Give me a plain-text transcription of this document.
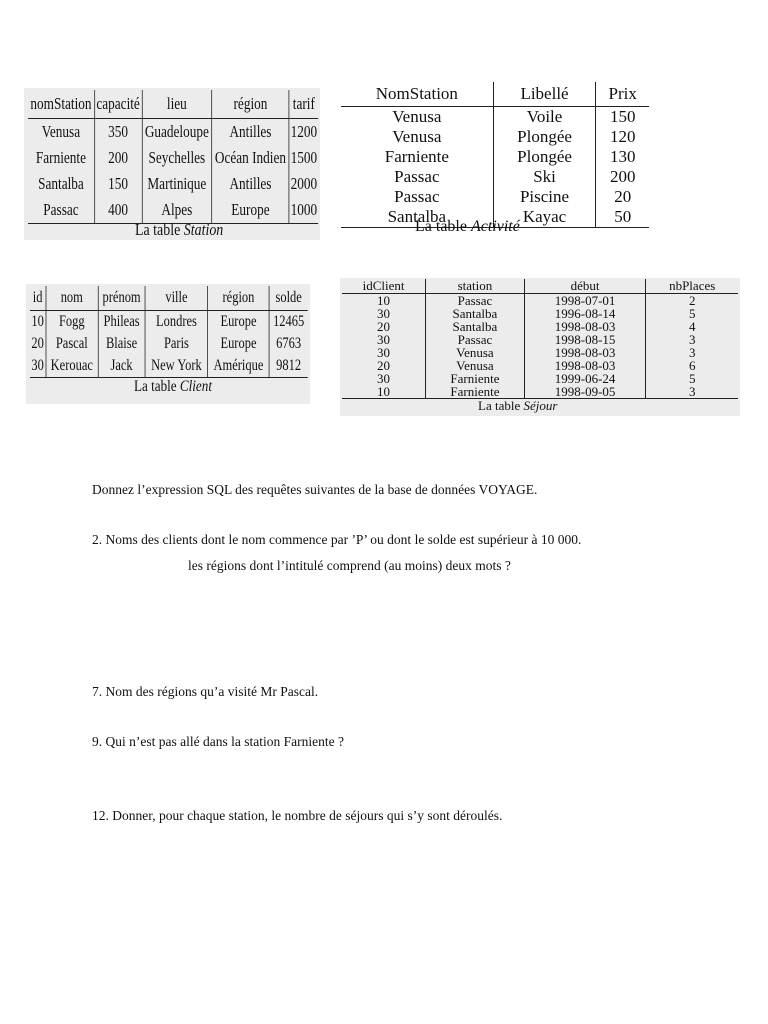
nomStation	capacité	lieu	région	tarif
Venusa	350	Guadeloupe	Antilles	1200
Farniente	200	Seychelles	Océan Indien	1500
Santalba	150	Martinique	Antilles	2000
Passac	400	Alpes	Europe	1000
La table Station
NomStation	Libellé	Prix
Venusa	Voile	150
Venusa	Plongée	120
Farniente	Plongée	130
Passac	Ski	200
Passac	Piscine	20
Santalba	Kayac	50
La table Activité
id	nom	prénom	ville	région	solde
10	Fogg	Phileas	Londres	Europe	12465
20	Pascal	Blaise	Paris	Europe	6763
30	Kerouac	Jack	New York	Amérique	9812
La table Client
idClient	station	début	nbPlaces
10	Passac	1998-07-01	2
30	Santalba	1996-08-14	5
20	Santalba	1998-08-03	4
30	Passac	1998-08-15	3
30	Venusa	1998-08-03	3
20	Venusa	1998-08-03	6
30	Farniente	1999-06-24	5
10	Farniente	1998-09-05	3
La table Séjour
Donnez l’expression SQL des requêtes suivantes de la base de données VOYAGE.
2. Noms des clients dont le nom commence par ’P’ ou dont le solde est supérieur à 10 000.
les régions dont l’intitulé comprend (au moins) deux mots ?
7. Nom des régions qu’a visité Mr Pascal.
9. Qui n’est pas allé dans la station Farniente ?
12. Donner, pour chaque station, le nombre de séjours qui s’y sont déroulés.
